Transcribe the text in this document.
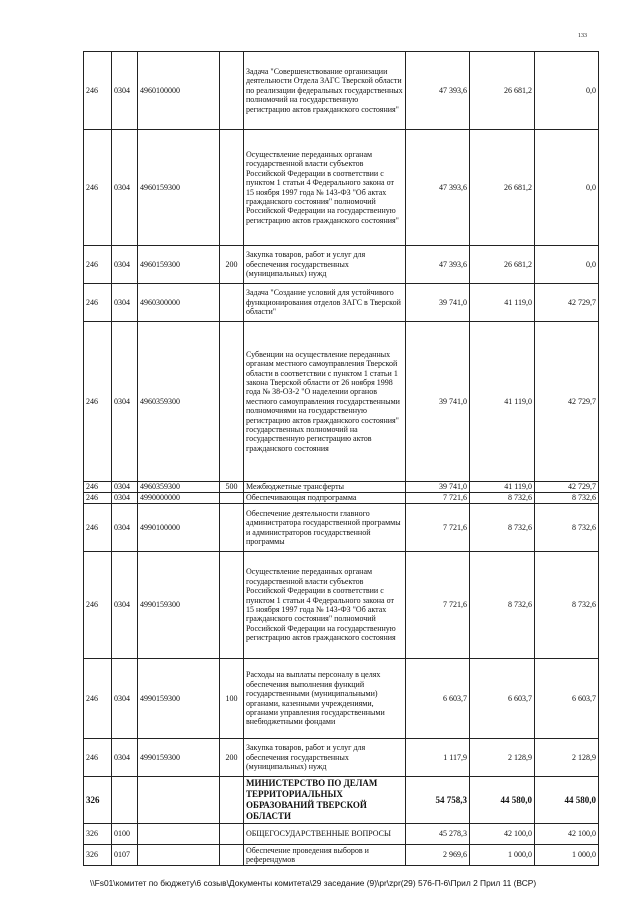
133
246	0304	4960100000		Задача "Совершенствование организации деятельности Отдела ЗАГС Тверской области по реализации федеральных государственных полномочий на государственную регистрацию актов гражданского состояния"	47 393,6	26 681,2	0,0
246	0304	4960159300		Осуществление переданных органам государственной власти субъектов Российской Федерации в соответствии с пунктом 1 статьи 4 Федерального закона от 15 ноября 1997 года № 143-ФЗ "Об актах гражданского состояния" полномочий Российской Федерации на государственную регистрацию актов гражданского состояния"	47 393,6	26 681,2	0,0
246	0304	4960159300	200	Закупка товаров, работ и услуг для обеспечения государственных (муниципальных) нужд	47 393,6	26 681,2	0,0
246	0304	4960300000		Задача "Создание условий для устойчивого функционирования отделов ЗАГС в Тверской области"	39 741,0	41 119,0	42 729,7
246	0304	4960359300		Субвенции на осуществление переданных органам местного самоуправления Тверской области в соответствии с пунктом 1 статьи 1 закона Тверской области от 26 ноября 1998 года № 38-ОЗ-2 "О наделении органов местного самоуправления государственными полномочиями на государственную регистрацию актов гражданского состояния" государственных полномочий на государственную регистрацию актов гражданского состояния	39 741,0	41 119,0	42 729,7
246	0304	4960359300	500	Межбюджетные трансферты	39 741,0	41 119,0	42 729,7
246	0304	4990000000		Обеспечивающая подпрограмма	7 721,6	8 732,6	8 732,6
246	0304	4990100000		Обеспечение деятельности главного администратора государственной программы и администраторов государственной программы	7 721,6	8 732,6	8 732,6
246	0304	4990159300		Осуществление переданных органам государственной власти субъектов Российской Федерации в соответствии с пунктом 1 статьи 4 Федерального закона от 15 ноября 1997 года № 143-ФЗ "Об актах гражданского состояния" полномочий Российской Федерации на государственную регистрацию актов гражданского состояния	7 721,6	8 732,6	8 732,6
246	0304	4990159300	100	Расходы на выплаты персоналу в целях обеспечения выполнения функций государственными (муниципальными) органами, казенными учреждениями, органами управления государственными внебюджетными фондами	6 603,7	6 603,7	6 603,7
246	0304	4990159300	200	Закупка товаров, работ и услуг для обеспечения государственных (муниципальных) нужд	1 117,9	2 128,9	2 128,9
326				МИНИСТЕРСТВО ПО ДЕЛАМ ТЕРРИТОРИАЛЬНЫХ ОБРАЗОВАНИЙ ТВЕРСКОЙ ОБЛАСТИ	54 758,3	44 580,0	44 580,0
326	0100			ОБЩЕГОСУДАРСТВЕННЫЕ ВОПРОСЫ	45 278,3	42 100,0	42 100,0
326	0107			Обеспечение проведения выборов и референдумов	2 969,6	1 000,0	1 000,0
\\Fs01\комитет по бюджету\6 созыв\Документы комитета\29 заседание (9)\pr\zpr(29) 576-П-6\Прил 2 Прил 11 (ВСР)
